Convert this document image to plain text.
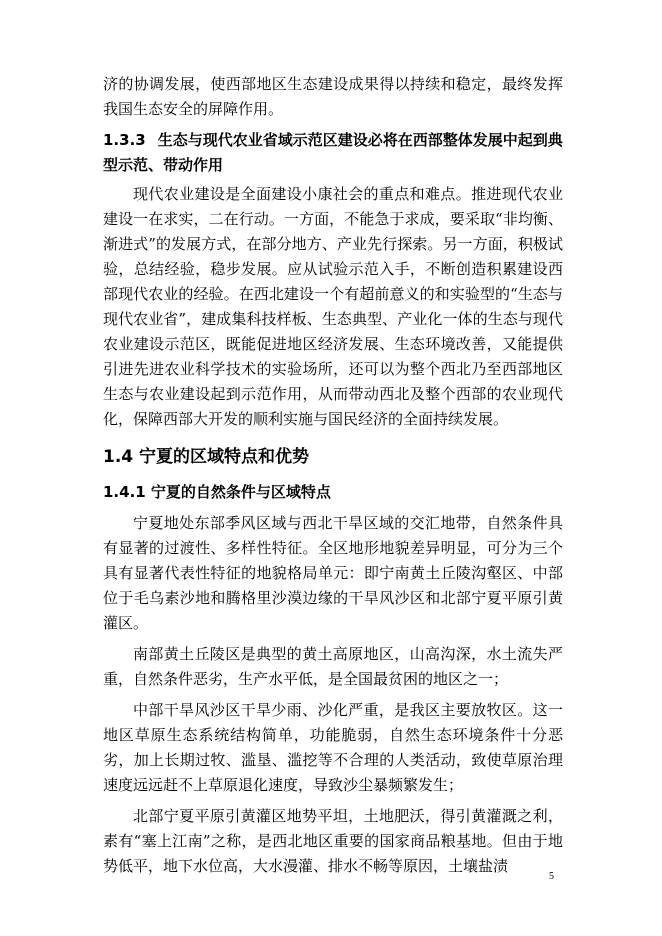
济的协调发展，使西部地区生态建设成果得以持续和稳定，最终发挥我国生态安全的屏障作用。

1.3.3 生态与现代农业省域示范区建设必将在西部整体发展中起到典型示范、带动作用

现代农业建设是全面建设小康社会的重点和难点。推进现代农业建设一在求实，二在行动。一方面，不能急于求成，要采取“非均衡、渐进式”的发展方式，在部分地方、产业先行探索。另一方面，积极试验，总结经验，稳步发展。应从试验示范入手，不断创造积累建设西部现代农业的经验。在西北建设一个有超前意义的和实验型的“生态与现代农业省”，建成集科技样板、生态典型、产业化一体的生态与现代农业建设示范区，既能促进地区经济发展、生态环境改善，又能提供引进先进农业科学技术的实验场所，还可以为整个西北乃至西部地区生态与农业建设起到示范作用，从而带动西北及整个西部的农业现代化，保障西部大开发的顺利实施与国民经济的全面持续发展。

1.4 宁夏的区域特点和优势
1.4.1 宁夏的自然条件与区域特点

宁夏地处东部季风区域与西北干旱区域的交汇地带，自然条件具有显著的过渡性、多样性特征。全区地形地貌差异明显，可分为三个具有显著代表性特征的地貌格局单元：即宁南黄土丘陵沟壑区、中部位于毛乌素沙地和腾格里沙漠边缘的干旱风沙区和北部宁夏平原引黄灌区。

南部黄土丘陵区是典型的黄土高原地区，山高沟深，水土流失严重，自然条件恶劣，生产水平低，是全国最贫困的地区之一；

中部干旱风沙区干旱少雨、沙化严重，是我区主要放牧区。这一地区草原生态系统结构简单，功能脆弱，自然生态环境条件十分恶劣，加上长期过牧、滥垦、滥挖等不合理的人类活动，致使草原治理速度远远赶不上草原退化速度，导致沙尘暴频繁发生；

北部宁夏平原引黄灌区地势平坦，土地肥沃，得引黄灌溉之利，素有“塞上江南”之称，是西北地区重要的国家商品粮基地。但由于地势低平，地下水位高，大水漫灌、排水不畅等原因，土壤盐渍

5
